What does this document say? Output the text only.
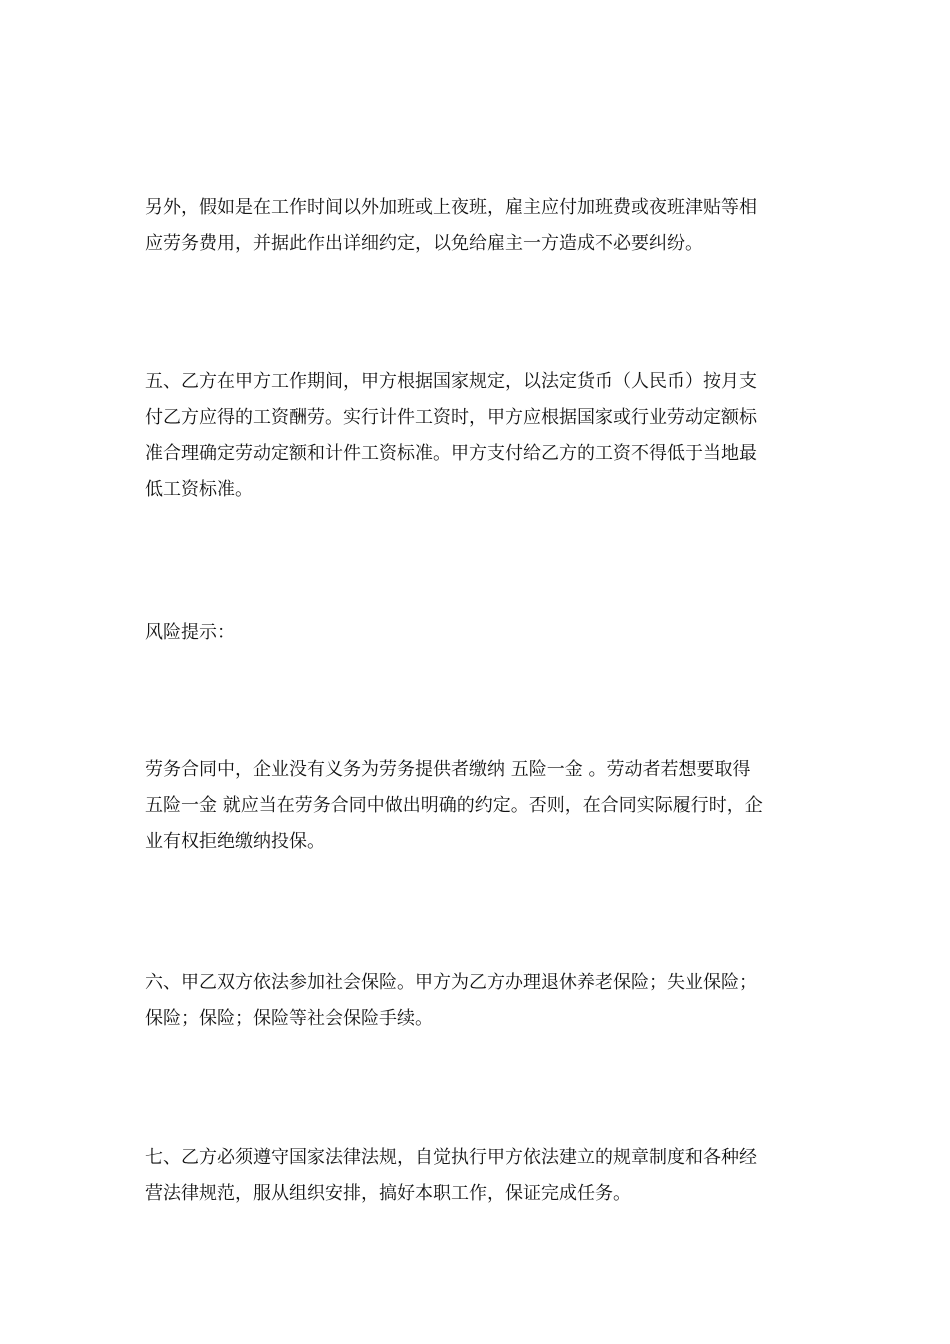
另外，假如是在工作时间以外加班或上夜班，雇主应付加班费或夜班津贴等相
应劳务费用，并据此作出详细约定，以免给雇主一方造成不必要纠纷。
五、乙方在甲方工作期间，甲方根据国家规定，以法定货币（人民币）按月支
付乙方应得的工资酬劳。实行计件工资时，甲方应根据国家或行业劳动定额标
准合理确定劳动定额和计件工资标准。甲方支付给乙方的工资不得低于当地最
低工资标准。
风险提示：
劳务合同中，企业没有义务为劳务提供者缴纳 五险一金 。劳动者若想要取得
五险一金 就应当在劳务合同中做出明确的约定。否则，在合同实际履行时，企
业有权拒绝缴纳投保。
六、甲乙双方依法参加社会保险。甲方为乙方办理退休养老保险；失业保险；
保险；保险；保险等社会保险手续。
七、乙方必须遵守国家法律法规，自觉执行甲方依法建立的规章制度和各种经
营法律规范，服从组织安排，搞好本职工作，保证完成任务。
